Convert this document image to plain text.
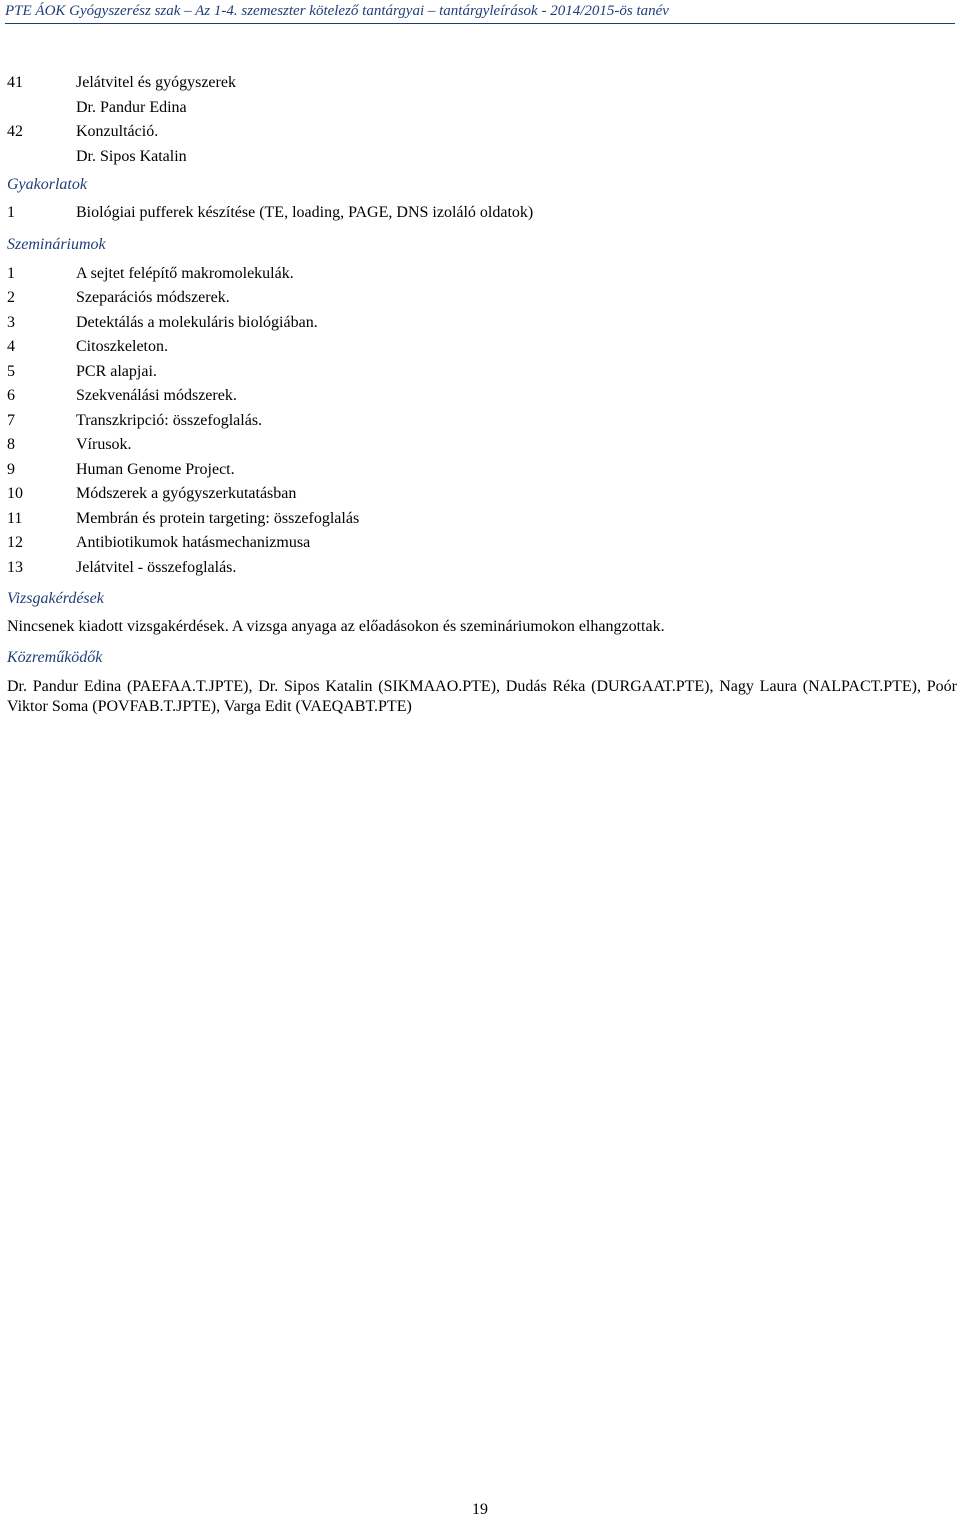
PTE ÁOK Gyógyszerész szak – Az 1-4. szemeszter kötelező tantárgyai – tantárgyleírások - 2014/2015-ös tanév
41	Jelátvitel és gyógyszerek
Dr. Pandur Edina
42	Konzultáció.
Dr. Sipos Katalin
Gyakorlatok
1	Biológiai pufferek készítése (TE, loading, PAGE, DNS izoláló oldatok)
Szemináriumok
1	A sejtet felépítő makromolekulák.
2	Szeparációs módszerek.
3	Detektálás a molekuláris biológiában.
4	Citoszkeleton.
5	PCR alapjai.
6	Szekvenálási módszerek.
7	Transzkripció: összefoglalás.
8	Vírusok.
9	Human Genome Project.
10	Módszerek a gyógyszerkutatásban
11	Membrán és protein targeting: összefoglalás
12	Antibiotikumok hatásmechanizmusa
13	Jelátvitel - összefoglalás.
Vizsgakérdések
Nincsenek kiadott vizsgakérdések. A vizsga anyaga az előadásokon és szemináriumokon elhangzottak.
Közreműködők
Dr. Pandur Edina (PAEFAA.T.JPTE), Dr. Sipos Katalin (SIKMAAO.PTE), Dudás Réka (DURGAAT.PTE), Nagy Laura (NALPACT.PTE), Poór Viktor Soma (POVFAB.T.JPTE), Varga Edit (VAEQABT.PTE)
19
